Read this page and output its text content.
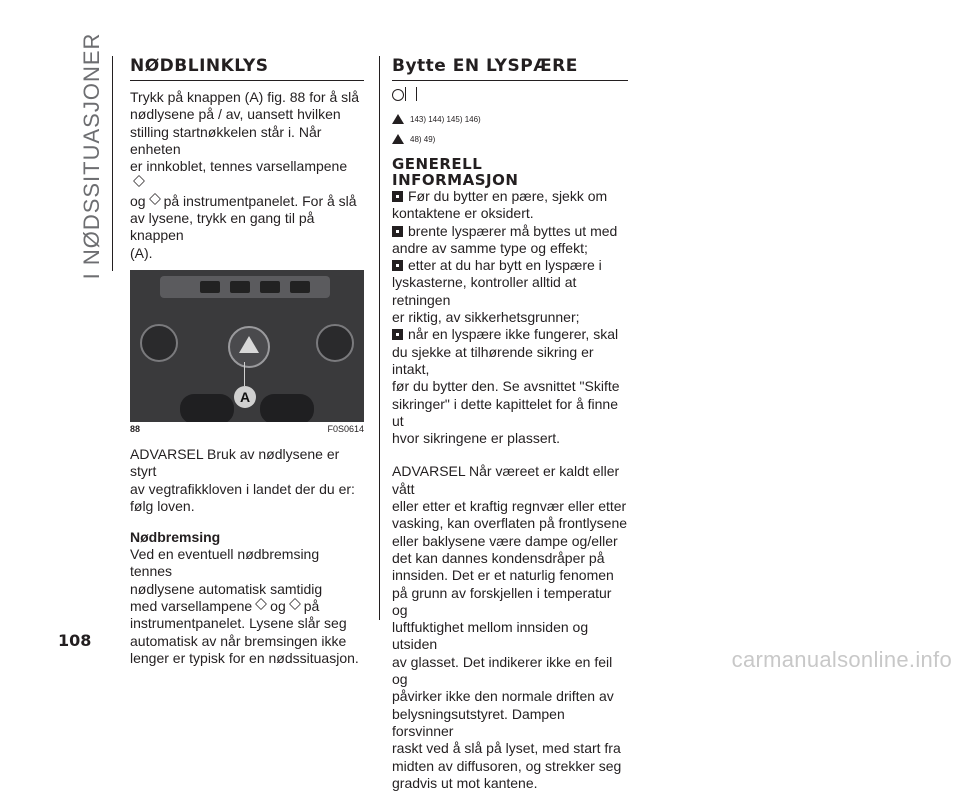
I NØDSSITUASJONER NØDBLINKLYS

Trykk på knappen (A) fig. 88 for å slå

nødlysene på / av, uansett hvilken

stilling startnøkkelen står i. Når enheten

er innkoblet, tennes varsellampene

og på instrumentpanelet. For å slå

av lysene, trykk en gang til på knappen

(A).

A
88	F0S0614

ADVARSEL Bruk av nødlysene er styrt

av vegtrafikkloven i landet der du er:

følg loven.

Nødbremsing

Ved en eventuell nødbremsing tennes

nødlysene automatisk samtidig

med varsellampene og på

instrumentpanelet. Lysene slår seg

automatisk av når bremsingen ikke

lenger er typisk for en nødssituasjon.

Bytte EN LYSPÆRE
143) 144) 145) 146)
48) 49)
GENERELL
INFORMASJON

Før du bytter en pære, sjekk om

kontaktene er oksidert.

brente lyspærer må byttes ut med

andre av samme type og effekt;

etter at du har bytt en lyspære i

lyskasterne, kontroller alltid at retningen

er riktig, av sikkerhetsgrunner;

når en lyspære ikke fungerer, skal

du sjekke at tilhørende sikring er intakt,

før du bytter den. Se avsnittet "Skifte

sikringer" i dette kapittelet for å finne ut

hvor sikringene er plassert.

ADVARSEL Når væreet er kaldt eller vått

eller etter et kraftig regnvær eller etter

vasking, kan overflaten på frontlysene

eller baklysene være dampe og/eller

det kan dannes kondensdråper på

innsiden. Det er et naturlig fenomen

på grunn av forskjellen i temperatur og

luftfuktighet mellom innsiden og utsiden

av glasset. Det indikerer ikke en feil og

påvirker ikke den normale driften av

belysningsutstyret. Dampen forsvinner

raskt ved å slå på lyset, med start fra

midten av diffusoren, og strekker seg

gradvis ut mot kantene.

108
carmanualsonline.info
